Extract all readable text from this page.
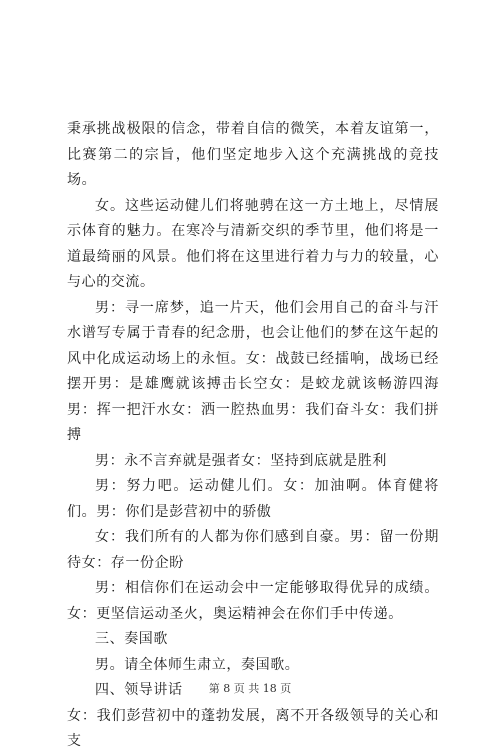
秉承挑战极限的信念，带着自信的微笑，本着友谊第一，比赛第二的宗旨，他们坚定地步入这个充满挑战的竞技场。

女。这些运动健儿们将驰骋在这一方土地上，尽情展示体育的魅力。在寒冷与清新交织的季节里，他们将是一道最绮丽的风景。他们将在这里进行着力与力的较量，心与心的交流。

男：寻一席梦，追一片天，他们会用自己的奋斗与汗水谱写专属于青春的纪念册，也会让他们的梦在这午起的风中化成运动场上的永恒。女：战鼓已经擂响，战场已经摆开男：是雄鹰就该搏击长空女：是蛟龙就该畅游四海男：挥一把汗水女：洒一腔热血男：我们奋斗女：我们拼搏

男：永不言弃就是强者女：坚持到底就是胜利

男：努力吧。运动健儿们。女：加油啊。体育健将们。男：你们是彭营初中的骄傲

女：我们所有的人都为你们感到自豪。男：留一份期待女：存一份企盼

男：相信你们在运动会中一定能够取得优异的成绩。女：更坚信运动圣火，奥运精神会在你们手中传递。

三、奏国歌

男。请全体师生肃立，奏国歌。

四、领导讲话

女：我们彭营初中的蓬勃发展，离不开各级领导的关心和支

第 8 页 共 18 页
